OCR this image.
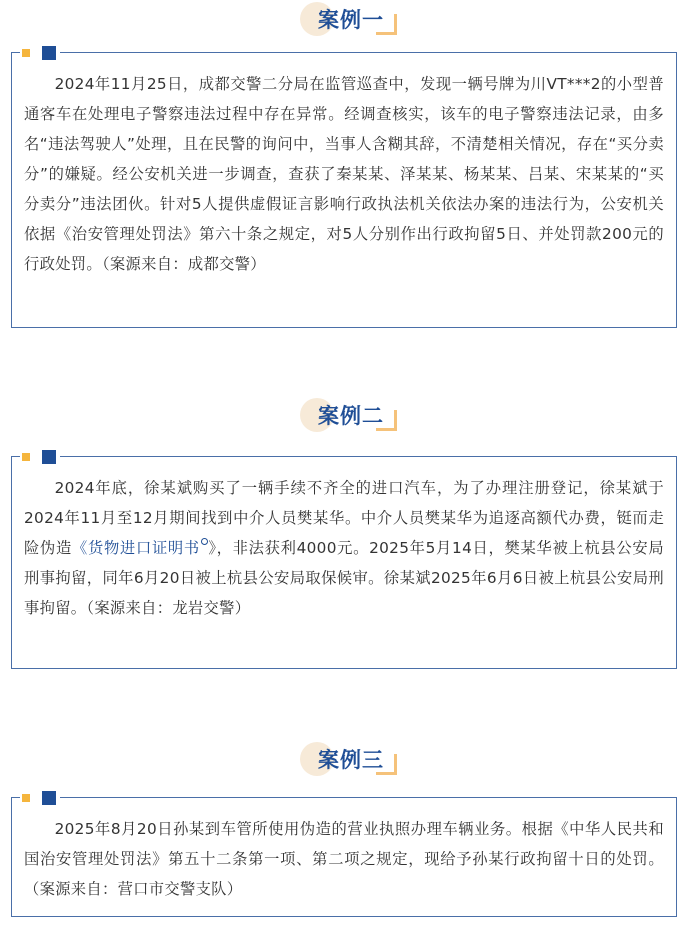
案例一

2024年11月25日，成都交警二分局在监管巡查中，发现一辆号牌为川VT***2的小型普通客车在处理电子警察违法过程中存在异常。经调查核实，该车的电子警察违法记录，由多名“违法驾驶人”处理，且在民警的询问中，当事人含糊其辞，不清楚相关情况，存在“买分卖分”的嫌疑。经公安机关进一步调查，查获了秦某某、泽某某、杨某某、吕某、宋某某的“买分卖分”违法团伙。针对5人提供虚假证言影响行政执法机关依法办案的违法行为，公安机关依据《治安管理处罚法》第六十条之规定，对5人分别作出行政拘留5日、并处罚款200元的行政处罚。（案源来自：成都交警）

案例二

2024年底，徐某斌购买了一辆手续不齐全的进口汽车，为了办理注册登记，徐某斌于2024年11月至12月期间找到中介人员樊某华。中介人员樊某华为追逐高额代办费，铤而走险伪造《货物进口证明书 》，非法获利4000元。2025年5月14日，樊某华被上杭县公安局刑事拘留，同年6月20日被上杭县公安局取保候审。徐某斌2025年6月6日被上杭县公安局刑事拘留。（案源来自：龙岩交警）

案例三

2025年8月20日孙某到车管所使用伪造的营业执照办理车辆业务。根据《中华人民共和国治安管理处罚法》第五十二条第一项、第二项之规定，现给予孙某行政拘留十日的处罚。（案源来自：营口市交警支队）
